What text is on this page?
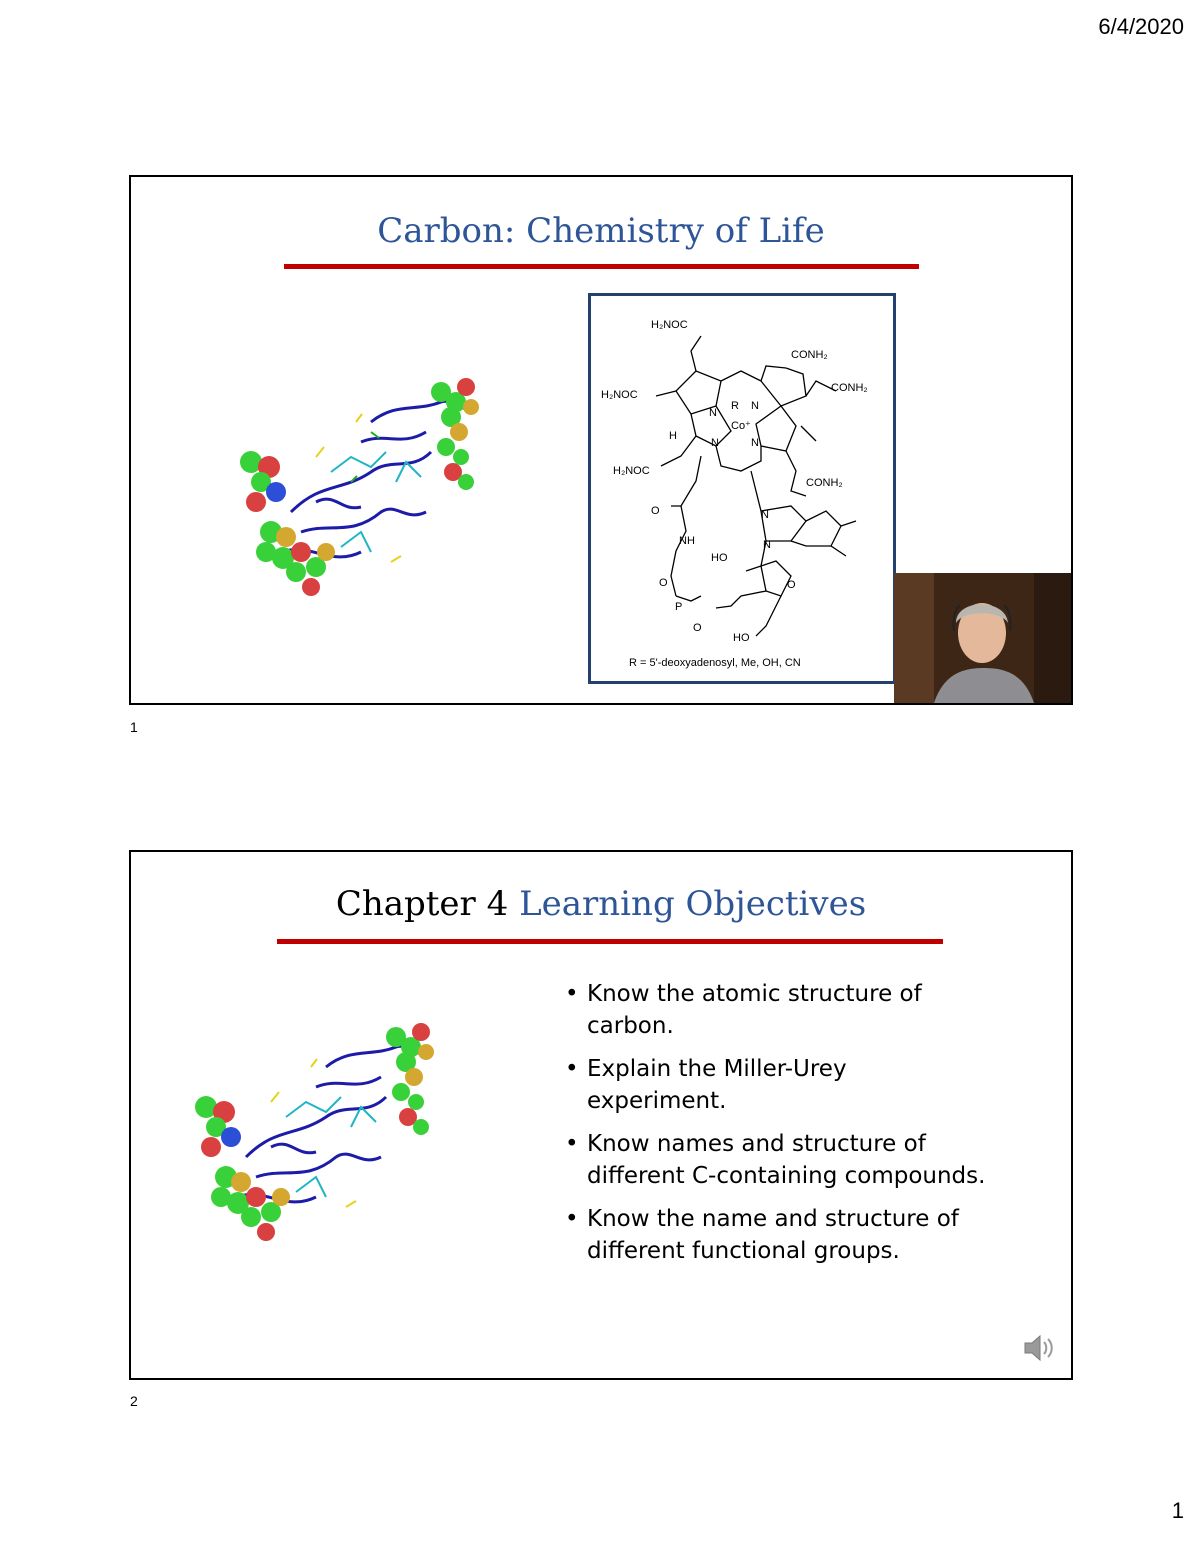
6/4/2020
Carbon: Chemistry of Life
H₂NOC
CONH₂
H₂NOC
CONH₂
R
Co⁺
N
N
N	N
H
H₂NOC
CONH₂
O
NH
N
N
HO
O
O
P
O
HO
R = 5'-deoxyadenosyl, Me, OH, CN
1
Chapter 4 Learning Objectives
• Know the atomic structure of carbon.
• Explain the Miller-Urey experiment.
• Know names and structure of different C-containing compounds.
• Know the name and structure of different functional groups.
2
1
